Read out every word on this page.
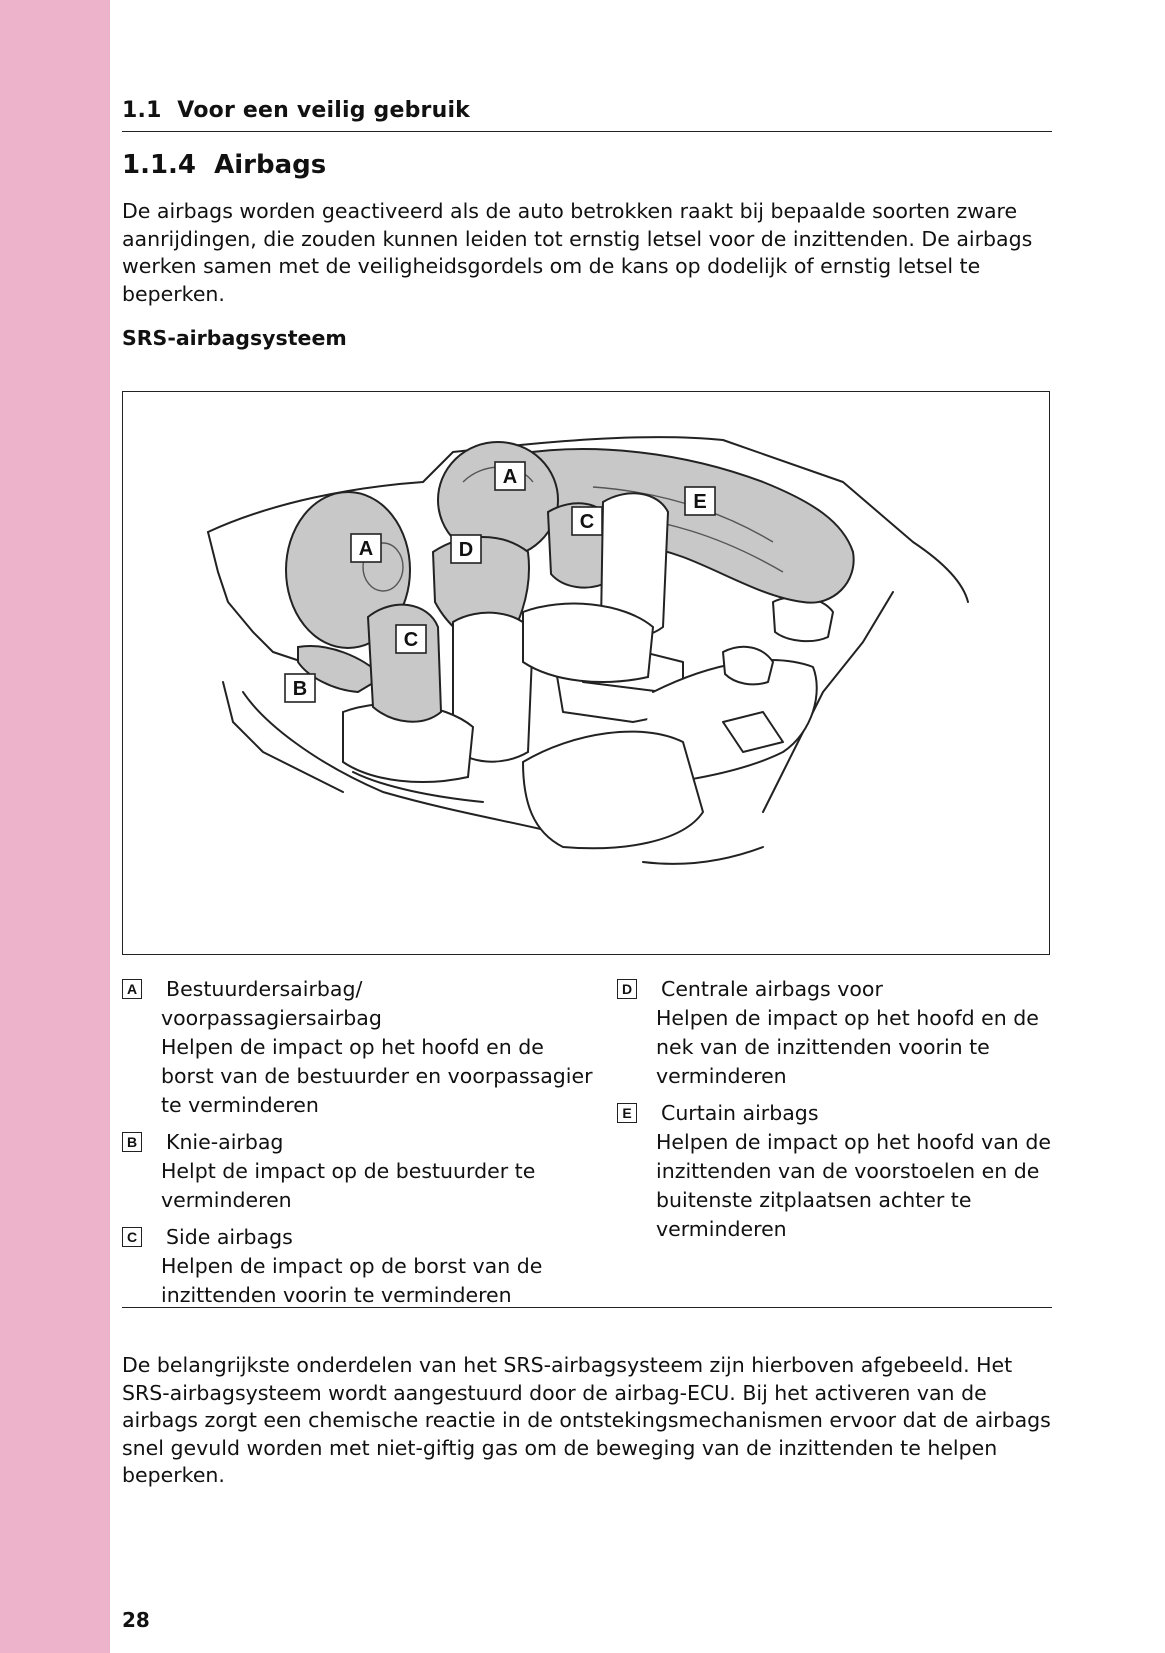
1.1 Voor een veilig gebruik
1.1.4 Airbags

De airbags worden geactiveerd als de auto betrokken raakt bij bepaalde soorten zware aanrijdingen, die zouden kunnen leiden tot ernstig letsel voor de inzittenden. De airbags werken samen met de veiligheidsgordels om de kans op dodelijk of ernstig letsel te beperken.

SRS-airbagsysteem
A
A
B
C
C
D
E
A Bestuurdersairbag/
voorpassagiersairbag
Helpen de impact op het hoofd en de borst van de bestuurder en voorpassagier te verminderen
B Knie-airbag
Helpt de impact op de bestuurder te verminderen
C Side airbags
Helpen de impact op de borst van de inzittenden voorin te verminderen
D Centrale airbags voor
Helpen de impact op het hoofd en de nek van de inzittenden voorin te verminderen
E Curtain airbags
Helpen de impact op het hoofd van de inzittenden van de voorstoelen en de buitenste zitplaatsen achter te verminderen

De belangrijkste onderdelen van het SRS-airbagsysteem zijn hierboven afgebeeld. Het SRS-airbagsysteem wordt aangestuurd door de airbag-ECU. Bij het activeren van de airbags zorgt een chemische reactie in de ontstekingsmechanismen ervoor dat de airbags snel gevuld worden met niet-giftig gas om de beweging van de inzittenden te helpen beperken.

28
